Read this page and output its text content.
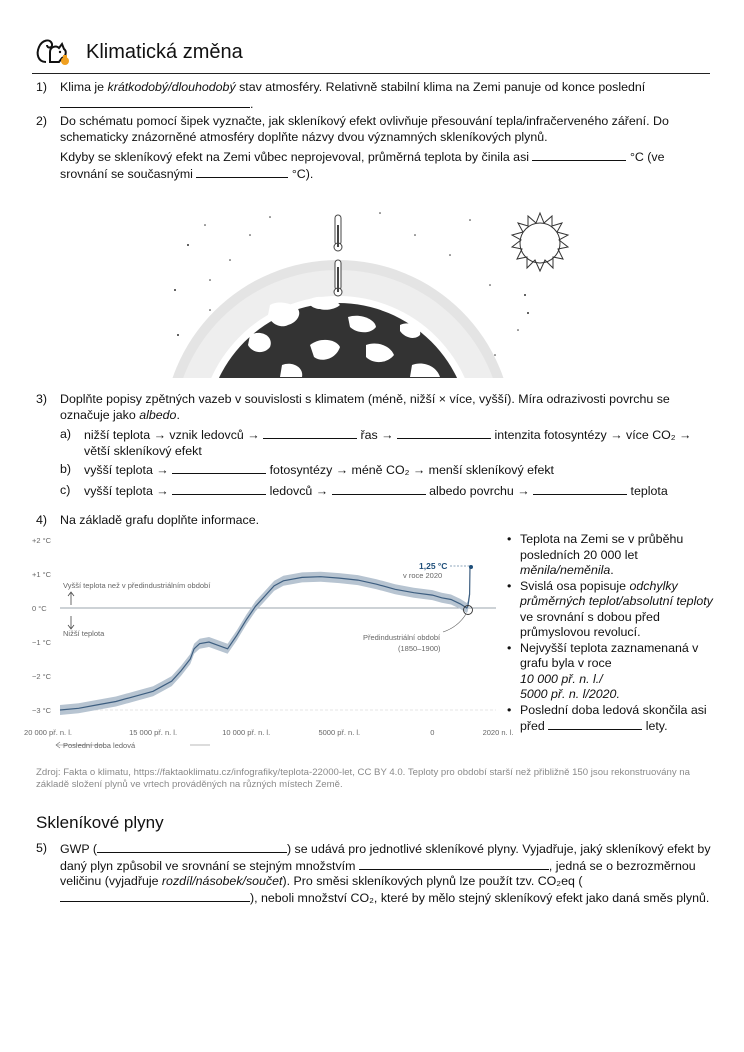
Klimatická změna
1) Klima je krátkodobý/dlouhodobý stav atmosféry. Relativně stabilní klima na Zemi panuje od konce poslední
.
2) Do schématu pomocí šipek vyznačte, jak skleníkový efekt ovlivňuje přesouvání tepla/infračerveného záření. Do schematicky znázorněné atmosféry doplňte názvy dvou významných skleníkových plynů.
Kdyby se skleníkový efekt na Zemi vůbec neprojevoval, průměrná teplota by činila asi	°C (ve srovnání se současnými	°C).
3) Doplňte popisy zpětných vazeb v souvislosti s klimatem (méně, nižší × více, vyšší). Míra odrazivosti povrchu se označuje jako albedo.
a) nižší teplota → vznik ledovců →	řas →	intenzita fotosyntézy → více CO₂ → větší skleníkový efekt
b) vyšší teplota →	fotosyntézy → méně CO₂ → menší skleníkový efekt
c) vyšší teplota →	ledovců →	albedo povrchu →	teplota
4) Na základě grafu doplňte informace.
+2 °C
+1 °C
0 °C
−1 °C
−2 °C
−3 °C
20 000 př. n. l.	15 000 př. n. l.	10 000 př. n. l.	5000 př. n. l.	0	2020 n. l.
Vyšší teplota než v předindustriálním období
Nižší teplota	Předindustriální období
(1850–1900)
1,25 °C
v roce 2020
Poslední doba ledová
• Teplota na Zemi se v průběhu posledních 20 000 let měnila/neměnila.
• Svislá osa popisuje odchylky průměrných teplot/absolutní teploty ve srovnání s dobou před průmyslovou revolucí.
• Nejvyšší teplota zaznamenaná v grafu byla v roce
10 000 př. n. l./
5000 př. n. l/2020.
• Poslední doba ledová skončila asi před	lety.
Zdroj: Fakta o klimatu, https://faktaoklimatu.cz/infografiky/teplota-22000-let, CC BY 4.0. Teploty pro období starší než přibližně 150 jsou rekonstruovány na základě složení plynů ve vrtech prováděných na různých místech Země.
Skleníkové plyny
5) GWP (	) se udává pro jednotlivé skleníkové plyny. Vyjadřuje, jaký skleníkový efekt by daný plyn způsobil ve srovnání se stejným množstvím	, jedná se o bezrozměrnou veličinu (vyjadřuje rozdíl/násobek/součet). Pro směsi skleníkových plynů lze použít tzv. CO₂eq (), neboli množství CO₂, které by mělo stejný skleníkový efekt jako daná směs plynů.
